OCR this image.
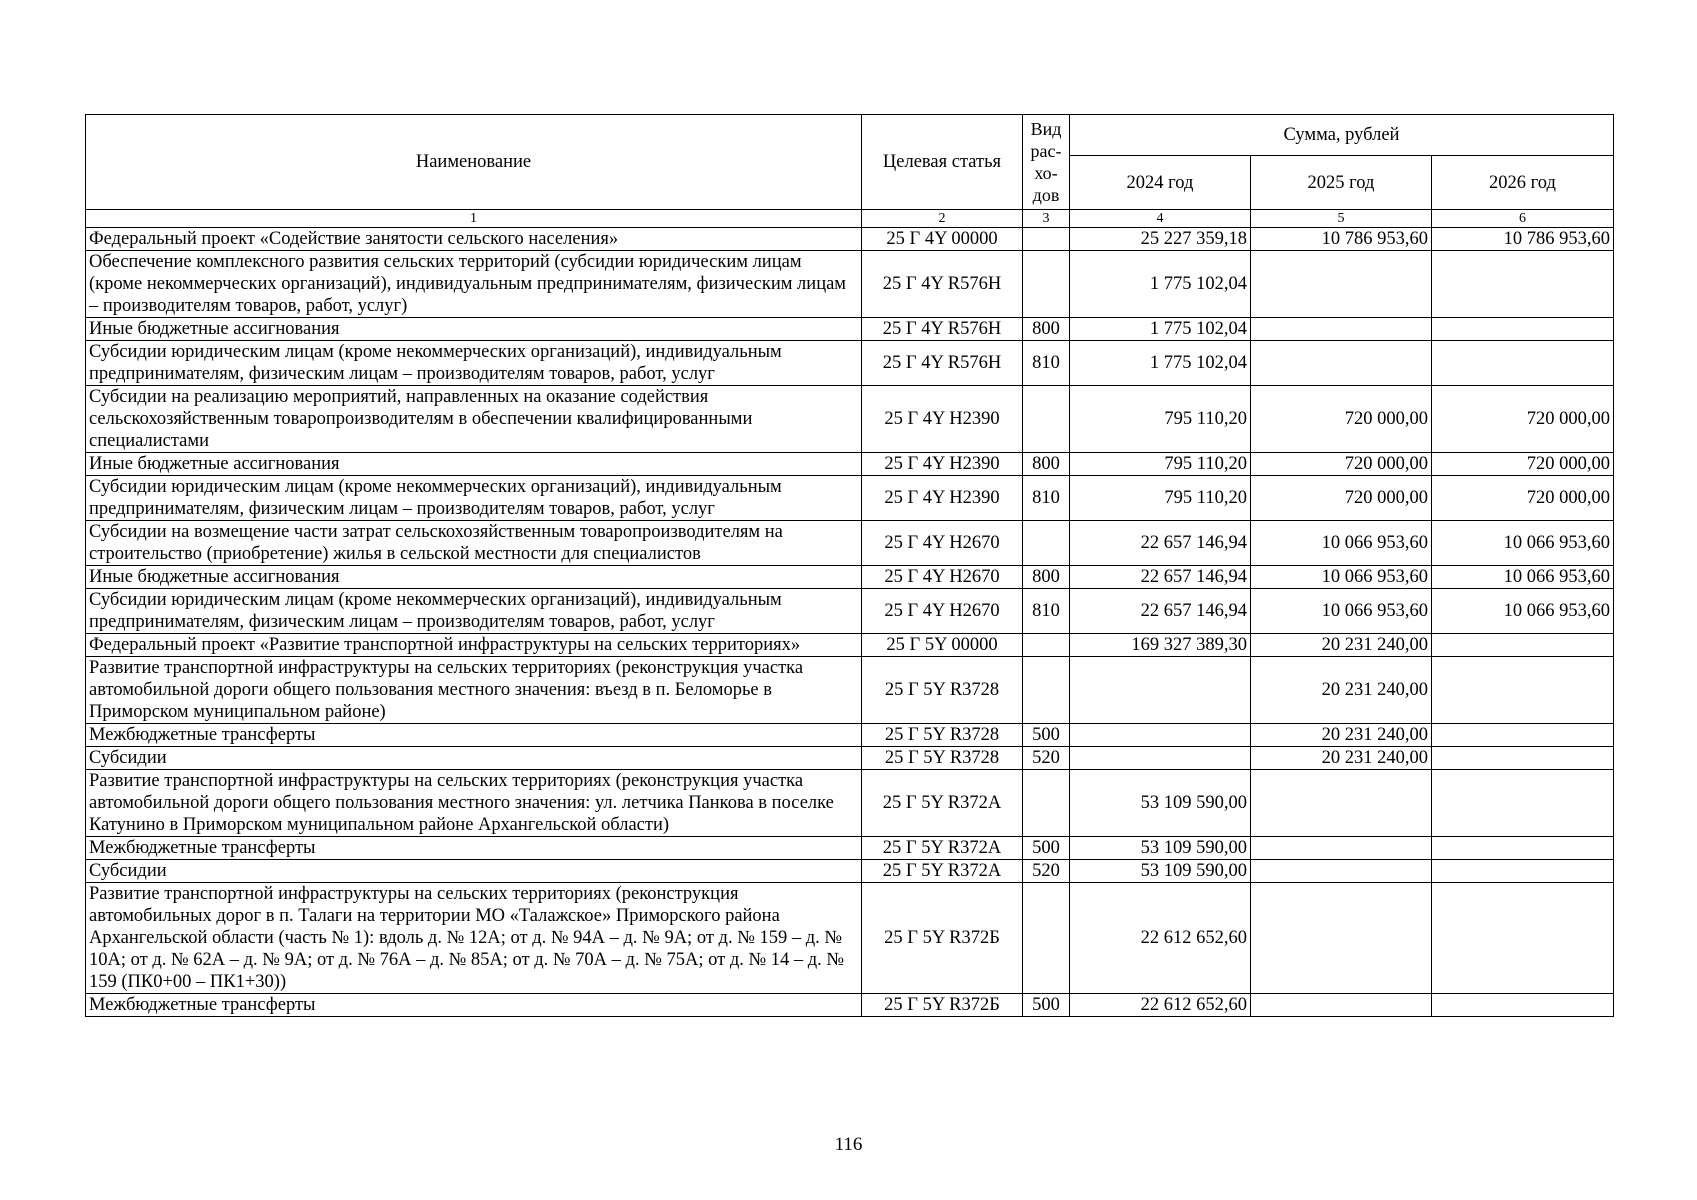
Наименование	Целевая статья	Вид рас-хо-дов	Сумма, рублей		
			2024 год	2025 год	2026 год
1	2	3	4	5	6
Федеральный проект «Содействие занятости сельского населения»	25 Г 4Y 00000		25 227 359,18	10 786 953,60	10 786 953,60
Обеспечение комплексного развития сельских территорий (субсидии юридическим лицам (кроме некоммерческих организаций), индивидуальным предпринимателям, физическим лицам – производителям товаров, работ, услуг)	25 Г 4Y R576Н		1 775 102,04		
Иные бюджетные ассигнования	25 Г 4Y R576Н	800	1 775 102,04		
Субсидии юридическим лицам (кроме некоммерческих организаций), индивидуальным предпринимателям, физическим лицам – производителям товаров, работ, услуг	25 Г 4Y R576Н	810	1 775 102,04		
Субсидии на реализацию мероприятий, направленных на оказание содействия сельскохозяйственным товаропроизводителям в обеспечении квалифицированными специалистами	25 Г 4Y Н2390		795 110,20	720 000,00	720 000,00
Иные бюджетные ассигнования	25 Г 4Y Н2390	800	795 110,20	720 000,00	720 000,00
Субсидии юридическим лицам (кроме некоммерческих организаций), индивидуальным предпринимателям, физическим лицам – производителям товаров, работ, услуг	25 Г 4Y Н2390	810	795 110,20	720 000,00	720 000,00
Субсидии на возмещение части затрат сельскохозяйственным товаропроизводителям на строительство (приобретение) жилья в сельской местности для специалистов	25 Г 4Y Н2670		22 657 146,94	10 066 953,60	10 066 953,60
Иные бюджетные ассигнования	25 Г 4Y Н2670	800	22 657 146,94	10 066 953,60	10 066 953,60
Субсидии юридическим лицам (кроме некоммерческих организаций), индивидуальным предпринимателям, физическим лицам – производителям товаров, работ, услуг	25 Г 4Y Н2670	810	22 657 146,94	10 066 953,60	10 066 953,60
Федеральный проект «Развитие транспортной инфраструктуры на сельских территориях»	25 Г 5Y 00000		169 327 389,30	20 231 240,00	
Развитие транспортной инфраструктуры на сельских территориях (реконструкция участка автомобильной дороги общего пользования местного значения: въезд в п. Беломорье в Приморском муниципальном районе)	25 Г 5Y R3728			20 231 240,00	
Межбюджетные трансферты	25 Г 5Y R3728	500		20 231 240,00	
Субсидии	25 Г 5Y R3728	520		20 231 240,00	
Развитие транспортной инфраструктуры на сельских территориях (реконструкция участка автомобильной дороги общего пользования местного значения: ул. летчика Панкова в поселке Катунино в Приморском муниципальном районе Архангельской области)	25 Г 5Y R372А		53 109 590,00		
Межбюджетные трансферты	25 Г 5Y R372А	500	53 109 590,00		
Субсидии	25 Г 5Y R372А	520	53 109 590,00		
Развитие транспортной инфраструктуры на сельских территориях (реконструкция автомобильных дорог в п. Талаги на территории МО «Талажское» Приморского района Архангельской области (часть № 1): вдоль д. № 12А; от д. № 94А – д. № 9А; от д. № 159 – д. № 10А; от д. № 62А – д. № 9А; от д. № 76А – д. № 85А; от д. № 70А – д. № 75А; от д. № 14 – д. № 159 (ПК0+00 – ПК1+30))	25 Г 5Y R372Б		22 612 652,60		
Межбюджетные трансферты	25 Г 5Y R372Б	500	22 612 652,60		
116
